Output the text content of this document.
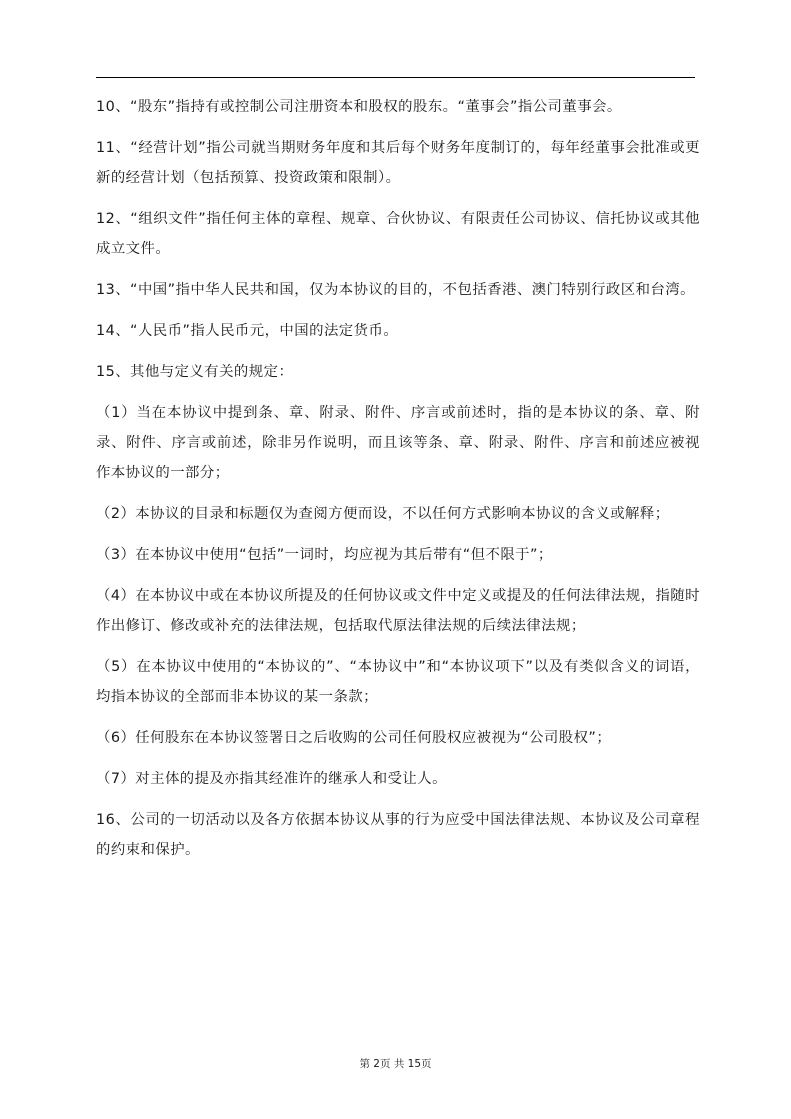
10、“股东”指持有或控制公司注册资本和股权的股东。“董事会”指公司董事会。

11、“经营计划”指公司就当期财务年度和其后每个财务年度制订的，每年经董事会批准或更新的经营计划（包括预算、投资政策和限制）。

12、“组织文件”指任何主体的章程、规章、合伙协议、有限责任公司协议、信托协议或其他成立文件。

13、“中国”指中华人民共和国，仅为本协议的目的，不包括香港、澳门特别行政区和台湾。

14、“人民币”指人民币元，中国的法定货币。

15、其他与定义有关的规定：

（1）当在本协议中提到条、章、附录、附件、序言或前述时，指的是本协议的条、章、附录、附件、序言或前述，除非另作说明，而且该等条、章、附录、附件、序言和前述应被视作本协议的一部分；

（2）本协议的目录和标题仅为查阅方便而设，不以任何方式影响本协议的含义或解释；

（3）在本协议中使用“包括”一词时，均应视为其后带有“但不限于”；

（4）在本协议中或在本协议所提及的任何协议或文件中定义或提及的任何法律法规，指随时作出修订、修改或补充的法律法规，包括取代原法律法规的后续法律法规；

（5）在本协议中使用的“本协议的”、“本协议中”和“本协议项下”以及有类似含义的词语，均指本协议的全部而非本协议的某一条款；

（6）任何股东在本协议签署日之后收购的公司任何股权应被视为“公司股权”；

（7）对主体的提及亦指其经准许的继承人和受让人。

16、公司的一切活动以及各方依据本协议从事的行为应受中国法律法规、本协议及公司章程的约束和保护。

第 2页 共 15页
